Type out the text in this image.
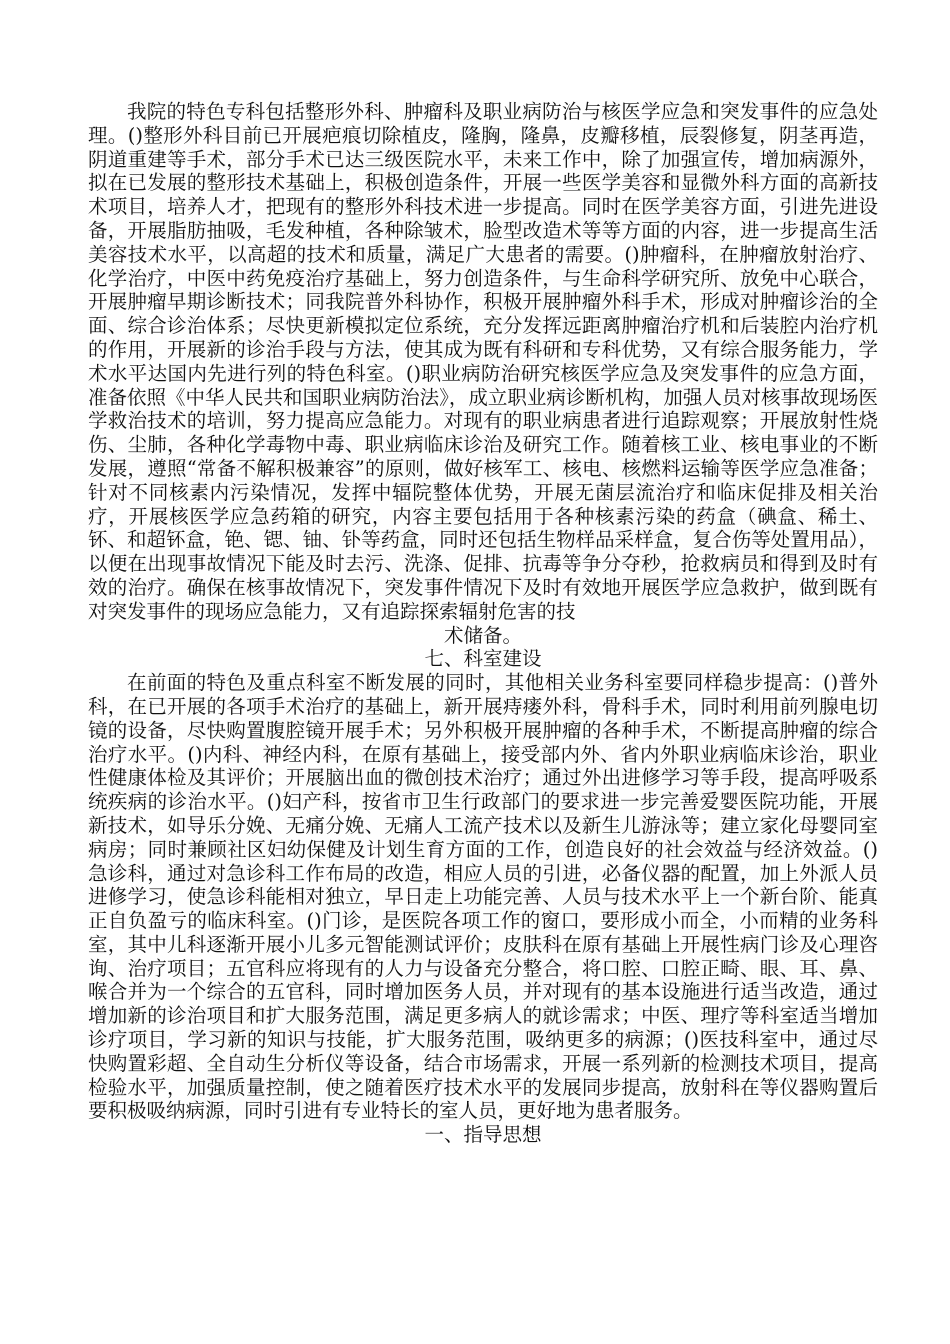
我院的特色专科包括整形外科、肿瘤科及职业病防治与核医学应急和突发事件的应急处理。()整形外科目前已开展疤痕切除植皮，隆胸，隆鼻，皮瓣移植，辰裂修复，阴茎再造，阴道重建等手术，部分手术已达三级医院水平，未来工作中，除了加强宣传，增加病源外，拟在已发展的整形技术基础上，积极创造条件，开展一些医学美容和显微外科方面的高新技术项目，培养人才，把现有的整形外科技术进一步提高。同时在医学美容方面，引进先进设备，开展脂肪抽吸，毛发种植，各种除皱术，脸型改造术等等方面的内容，进一步提高生活美容技术水平，以高超的技术和质量，满足广大患者的需要。()肿瘤科，在肿瘤放射治疗、化学治疗，中医中药免疫治疗基础上，努力创造条件，与生命科学研究所、放免中心联合，开展肿瘤早期诊断技术；同我院普外科协作，积极开展肿瘤外科手术，形成对肿瘤诊治的全面、综合诊治体系；尽快更新模拟定位系统，充分发挥远距离肿瘤治疗机和后装腔内治疗机的作用，开展新的诊治手段与方法，使其成为既有科研和专科优势，又有综合服务能力，学术水平达国内先进行列的特色科室。()职业病防治研究核医学应急及突发事件的应急方面，准备依照《中华人民共和国职业病防治法》，成立职业病诊断机构，加强人员对核事故现场医学救治技术的培训，努力提高应急能力。对现有的职业病患者进行追踪观察；开展放射性烧伤、尘肺，各种化学毒物中毒、职业病临床诊治及研究工作。随着核工业、核电事业的不断发展，遵照“常备不解积极兼容”的原则，做好核军工、核电、核燃料运输等医学应急准备；针对不同核素内污染情况，发挥中辐院整体优势，开展无菌层流治疗和临床促排及相关治疗，开展核医学应急药箱的研究，内容主要包括用于各种核素污染的药盒（碘盒、稀土、钚、和超钚盒，铯、锶、铀、钋等药盒，同时还包括生物样品采样盒，复合伤等处置用品），以便在出现事故情况下能及时去污、洗涤、促排、抗毒等争分夺秒，抢救病员和得到及时有效的治疗。确保在核事故情况下，突发事件情况下及时有效地开展医学应急救护，做到既有对突发事件的现场应急能力，又有追踪探索辐射危害的技

术储备。

七、科室建设

在前面的特色及重点科室不断发展的同时，其他相关业务科室要同样稳步提高：()普外科，在已开展的各项手术治疗的基础上，新开展痔瘘外科，骨科手术，同时利用前列腺电切镜的设备，尽快购置腹腔镜开展手术；另外积极开展肿瘤的各种手术，不断提高肿瘤的综合治疗水平。()内科、神经内科，在原有基础上，接受部内外、省内外职业病临床诊治，职业性健康体检及其评价；开展脑出血的微创技术治疗；通过外出进修学习等手段，提高呼吸系统疾病的诊治水平。()妇产科，按省市卫生行政部门的要求进一步完善爱婴医院功能，开展新技术，如导乐分娩、无痛分娩、无痛人工流产技术以及新生儿游泳等；建立家化母婴同室病房；同时兼顾社区妇幼保健及计划生育方面的工作，创造良好的社会效益与经济效益。()急诊科，通过对急诊科工作布局的改造，相应人员的引进，必备仪器的配置，加上外派人员进修学习，使急诊科能相对独立，早日走上功能完善、人员与技术水平上一个新台阶、能真正自负盈亏的临床科室。()门诊，是医院各项工作的窗口，要形成小而全，小而精的业务科室，其中儿科逐渐开展小儿多元智能测试评价；皮肤科在原有基础上开展性病门诊及心理咨询、治疗项目；五官科应将现有的人力与设备充分整合，将口腔、口腔正畸、眼、耳、鼻、喉合并为一个综合的五官科，同时增加医务人员，并对现有的基本设施进行适当改造，通过增加新的诊治项目和扩大服务范围，满足更多病人的就诊需求；中医、理疗等科室适当增加诊疗项目，学习新的知识与技能，扩大服务范围，吸纳更多的病源；()医技科室中，通过尽快购置彩超、全自动生分析仪等设备，结合市场需求，开展一系列新的检测技术项目，提高检验水平，加强质量控制，使之随着医疗技术水平的发展同步提高，放射科在等仪器购置后要积极吸纳病源，同时引进有专业特长的室人员，更好地为患者服务。

一、指导思想
